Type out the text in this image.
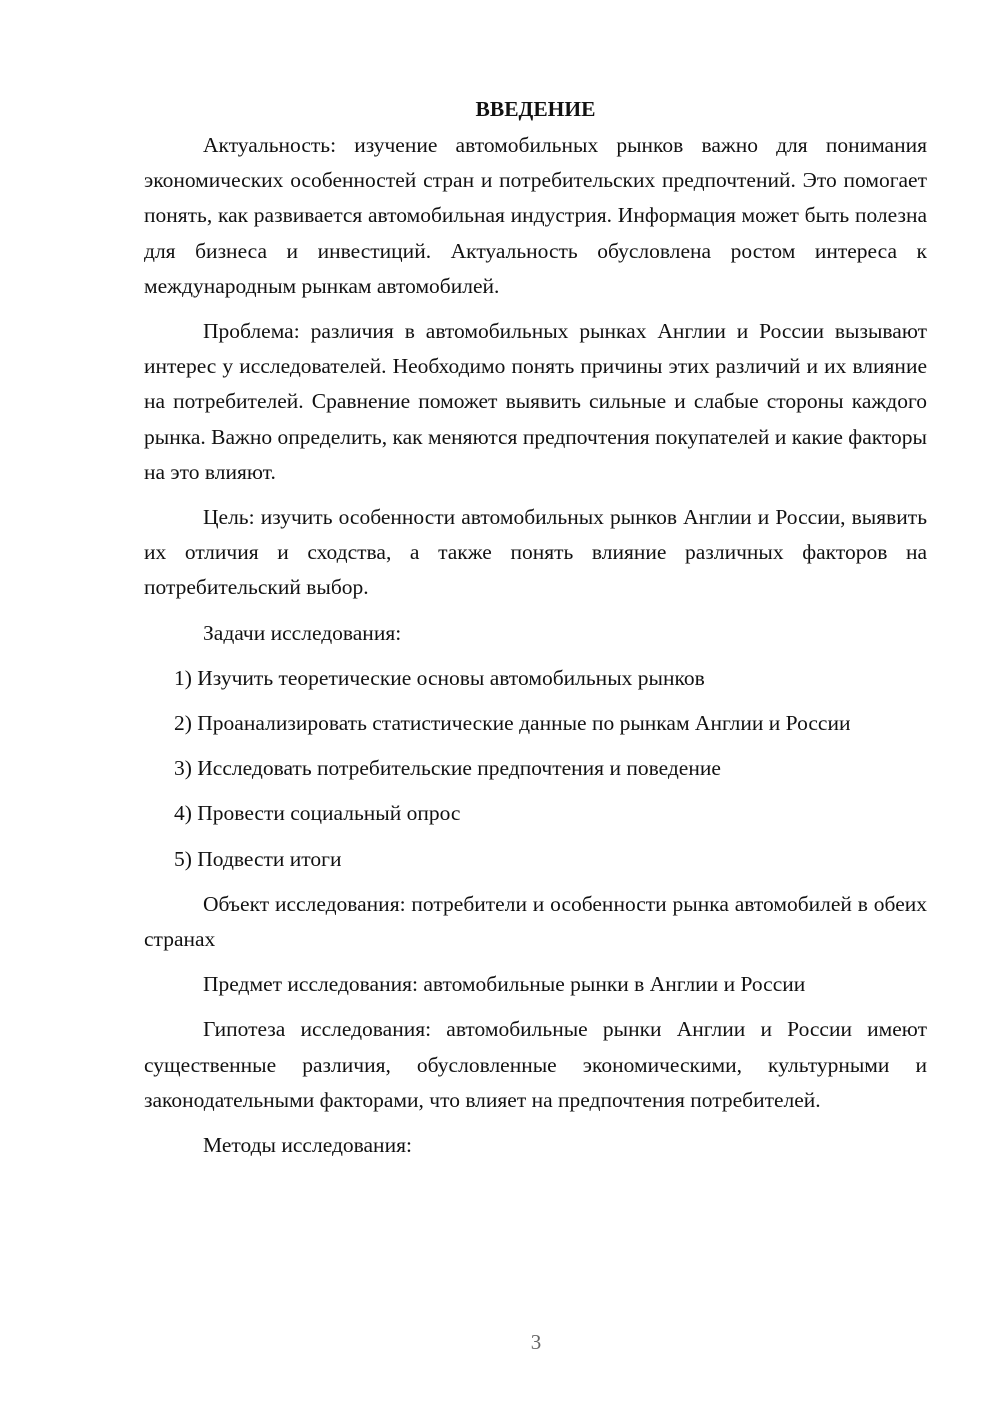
ВВЕДЕНИЕ

Актуальность: изучение автомобильных рынков важно для понимания экономических особенностей стран и потребительских предпочтений. Это помогает понять, как развивается автомобильная индустрия. Информация может быть полезна для бизнеса и инвестиций. Актуальность обусловлена ростом интереса к международным рынкам автомобилей.

Проблема: различия в автомобильных рынках Англии и России вызывают интерес у исследователей. Необходимо понять причины этих различий и их влияние на потребителей. Сравнение поможет выявить сильные и слабые стороны каждого рынка. Важно определить, как меняются предпочтения покупателей и какие факторы на это влияют.

Цель: изучить особенности автомобильных рынков Англии и России, выявить их отличия и сходства, а также понять влияние различных факторов на потребительский выбор.

Задачи исследования:

1) Изучить теоретические основы автомобильных рынков

2) Проанализировать статистические данные по рынкам Англии и России

3) Исследовать потребительские предпочтения и поведение

4) Провести социальный опрос

5) Подвести итоги

Объект исследования: потребители и особенности рынка автомобилей в обеих странах

Предмет исследования: автомобильные рынки в Англии и России

Гипотеза исследования: автомобильные рынки Англии и России имеют существенные различия, обусловленные экономическими, культурными и законодательными факторами, что влияет на предпочтения потребителей.

Методы исследования:

3
